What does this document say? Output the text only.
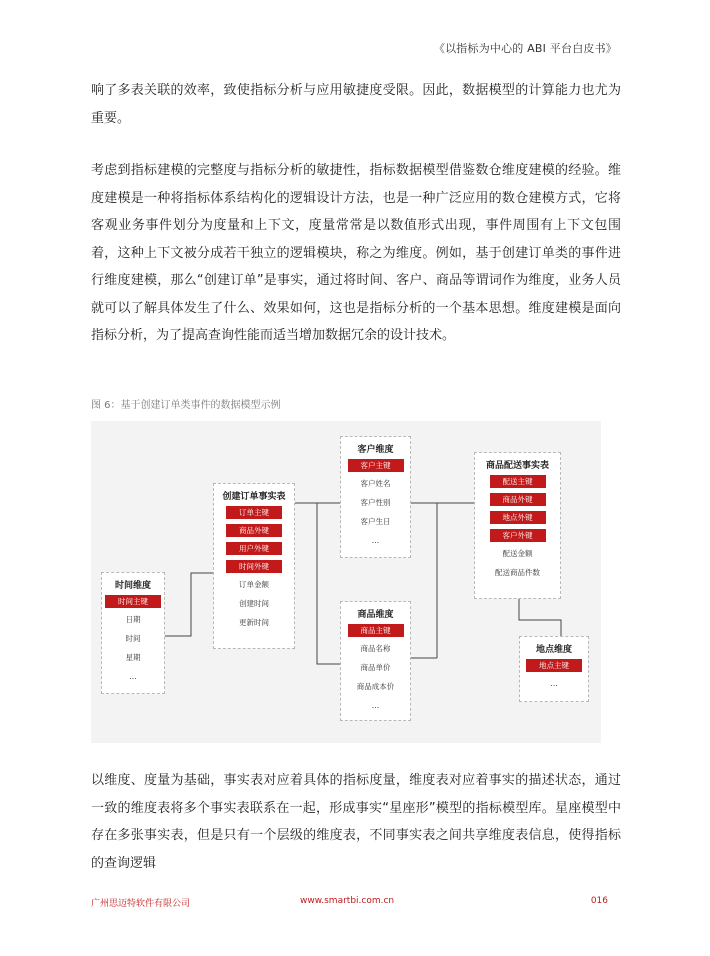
《以指标为中心的 ABI 平台白皮书》

响了多表关联的效率，致使指标分析与应用敏捷度受限。因此，数据模型的计算能力也尤为重要。

考虑到指标建模的完整度与指标分析的敏捷性，指标数据模型借鉴数仓维度建模的经验。维度建模是一种将指标体系结构化的逻辑设计方法，也是一种广泛应用的数仓建模方式，它将客观业务事件划分为度量和上下文，度量常常是以数值形式出现，事件周围有上下文包围着，这种上下文被分成若干独立的逻辑模块，称之为维度。例如，基于创建订单类的事件进行维度建模，那么“创建订单”是事实，通过将时间、客户、商品等谓词作为维度，业务人员就可以了解具体发生了什么、效果如何，这也是指标分析的一个基本思想。维度建模是面向指标分析，为了提高查询性能而适当增加数据冗余的设计技术。

图 6：基于创建订单类事件的数据模型示例
时间维度
时间主键
日期
时间
星期
…
创建订单事实表
订单主键
商品外键
用户外键
时间外键
订单金额
创建时间
更新时间
客户维度
客户主键
客户姓名
客户性别
客户生日
…
商品维度
商品主键
商品名称
商品单价
商品成本价
…
商品配送事实表
配送主键
商品外键
地点外键
客户外键
配送金额
配送商品件数
地点维度
地点主键
…

以维度、度量为基础，事实表对应着具体的指标度量，维度表对应着事实的描述状态，通过一致的维度表将多个事实表联系在一起，形成事实“星座形”模型的指标模型库。星座模型中存在多张事实表，但是只有一个层级的维度表，不同事实表之间共享维度表信息，使得指标的查询逻辑

广州思迈特软件有限公司	www.smartbi.com.cn	016
